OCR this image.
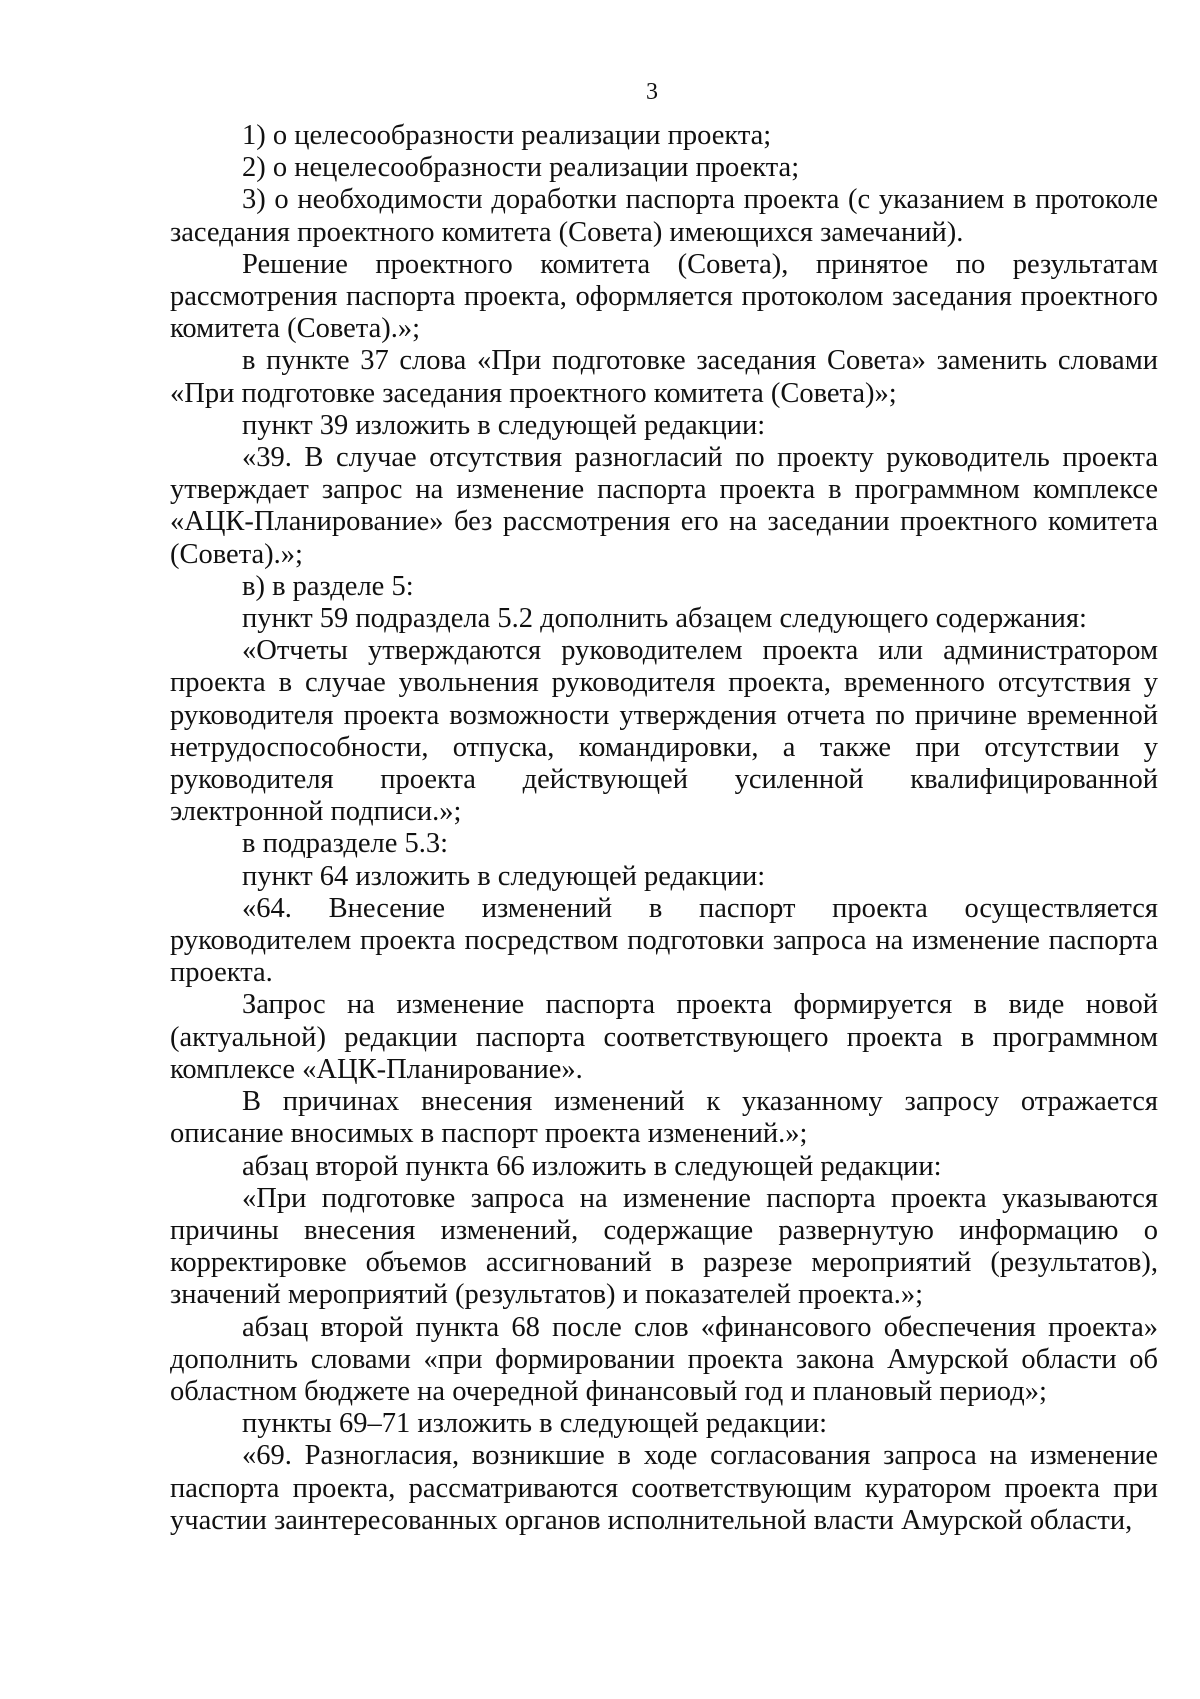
3

1) о целесообразности реализации проекта;

2) о нецелесообразности реализации проекта;

3) о необходимости доработки паспорта проекта (с указанием в протоколе заседания проектного комитета (Совета) имеющихся замечаний).

Решение проектного комитета (Совета), принятое по результатам рассмотрения паспорта проекта, оформляется протоколом заседания проектного комитета (Совета).»;

в пункте 37 слова «При подготовке заседания Совета» заменить словами «При подготовке заседания проектного комитета (Совета)»;

пункт 39 изложить в следующей редакции:

«39. В случае отсутствия разногласий по проекту руководитель проекта утверждает запрос на изменение паспорта проекта в программном комплексе «АЦК-Планирование» без рассмотрения его на заседании проектного комитета (Совета).»;

в) в разделе 5:

пункт 59 подраздела 5.2 дополнить абзацем следующего содержания:

«Отчеты утверждаются руководителем проекта или администратором проекта в случае увольнения руководителя проекта, временного отсутствия у руководителя проекта возможности утверждения отчета по причине временной нетрудоспособности, отпуска, командировки, а также при отсутствии у руководителя проекта действующей усиленной квалифицированной электронной подписи.»;

в подразделе 5.3:

пункт 64 изложить в следующей редакции:

«64. Внесение изменений в паспорт проекта осуществляется руководителем проекта посредством подготовки запроса на изменение паспорта проекта.

Запрос на изменение паспорта проекта формируется в виде новой (актуальной) редакции паспорта соответствующего проекта в программном комплексе «АЦК-Планирование».

В причинах внесения изменений к указанному запросу отражается описание вносимых в паспорт проекта изменений.»;

абзац второй пункта 66 изложить в следующей редакции:

«При подготовке запроса на изменение паспорта проекта указываются причины внесения изменений, содержащие развернутую информацию о корректировке объемов ассигнований в разрезе мероприятий (результатов), значений мероприятий (результатов) и показателей проекта.»;

абзац второй пункта 68 после слов «финансового обеспечения проекта» дополнить словами «при формировании проекта закона Амурской области об областном бюджете на очередной финансовый год и плановый период»;

пункты 69–71 изложить в следующей редакции:

«69. Разногласия, возникшие в ходе согласования запроса на изменение паспорта проекта, рассматриваются соответствующим куратором проекта при участии заинтересованных органов исполнительной власти Амурской области,
